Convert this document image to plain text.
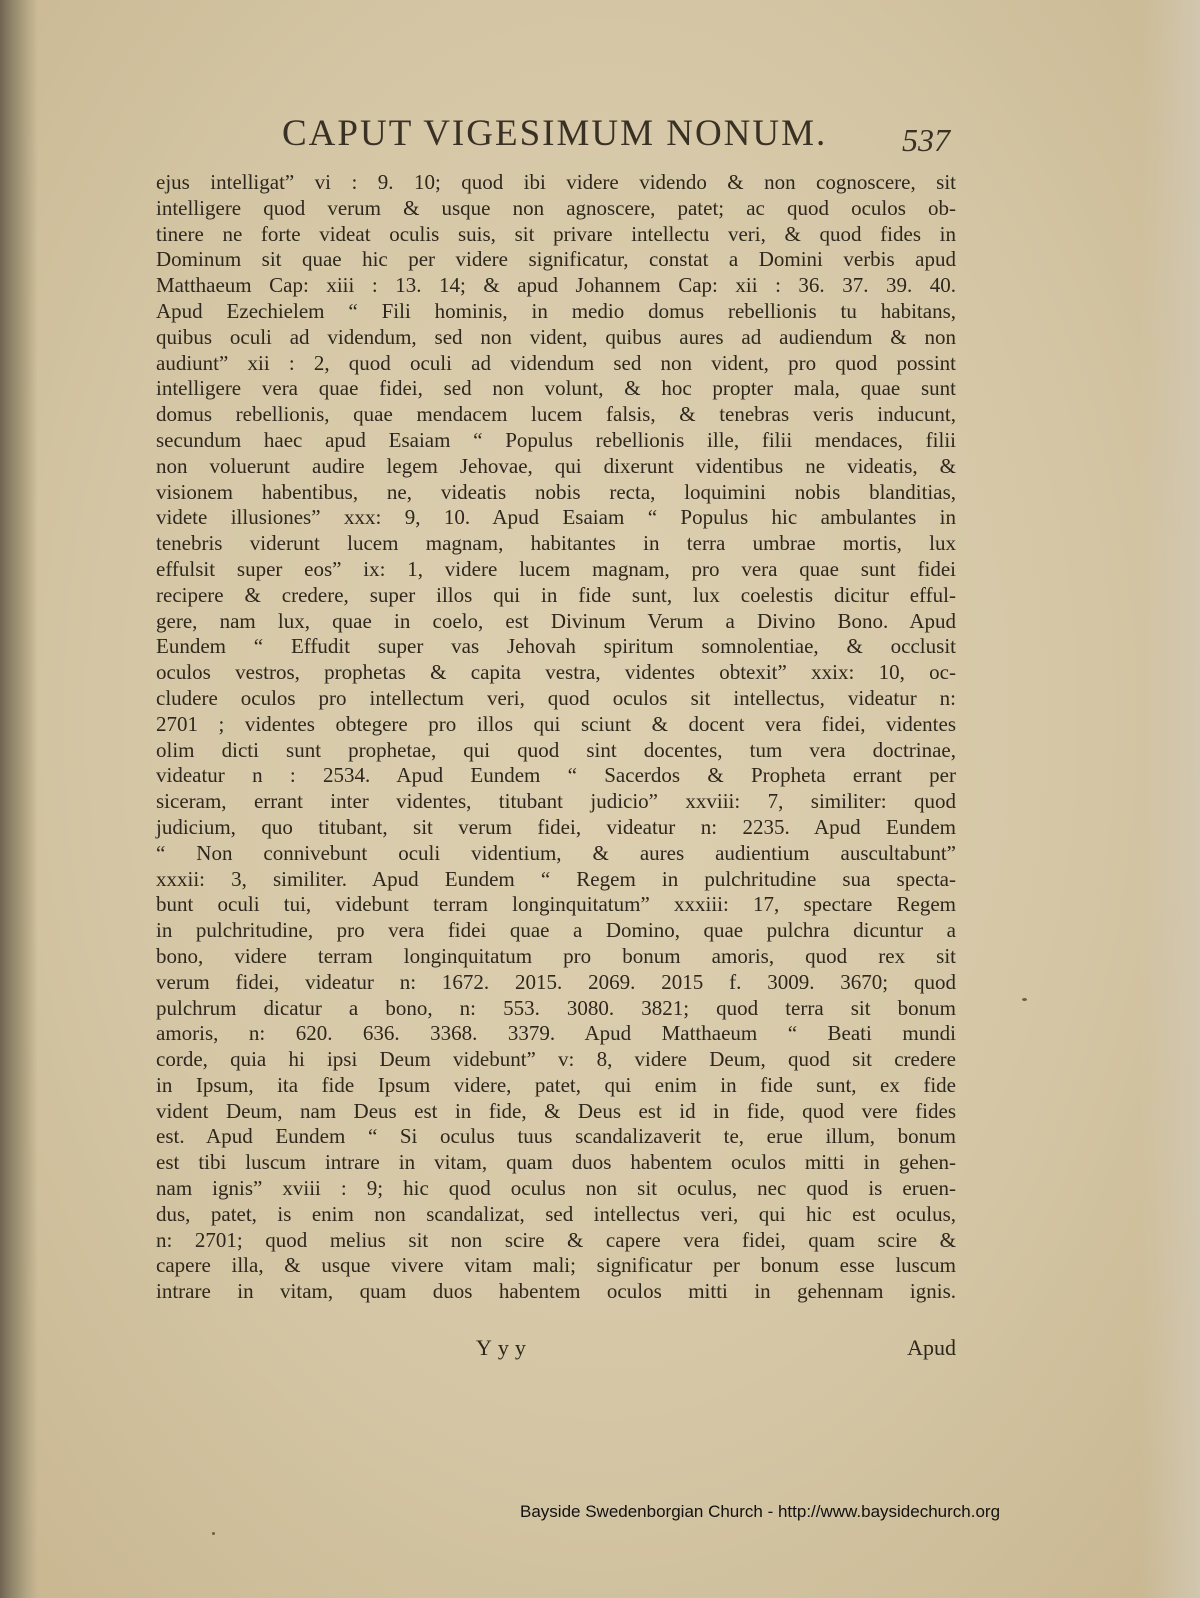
CAPUT VIGESIMUM NONUM. 537
ejus intelligat” vi : 9. 10; quod ibi videre videndo & non cognoscere, sit
intelligere quod verum & usque non agnoscere, patet; ac quod oculos ob-
tinere ne forte videat oculis suis, sit privare intellectu veri, & quod fides in
Dominum sit quae hic per videre significatur, constat a Domini verbis apud
Matthaeum Cap: xiii : 13. 14; & apud Johannem Cap: xii : 36. 37. 39. 40.
Apud Ezechielem “ Fili hominis, in medio domus rebellionis tu habitans,
quibus oculi ad videndum, sed non vident, quibus aures ad audiendum & non
audiunt” xii : 2, quod oculi ad videndum sed non vident, pro quod possint
intelligere vera quae fidei, sed non volunt, & hoc propter mala, quae sunt
domus rebellionis, quae mendacem lucem falsis, & tenebras veris inducunt,
secundum haec apud Esaiam “ Populus rebellionis ille, filii mendaces, filii
non voluerunt audire legem Jehovae, qui dixerunt videntibus ne videatis, &
visionem habentibus, ne, videatis nobis recta, loquimini nobis blanditias,
videte illusiones” xxx: 9, 10. Apud Esaiam “ Populus hic ambulantes in
tenebris viderunt lucem magnam, habitantes in terra umbrae mortis, lux
effulsit super eos” ix: 1, videre lucem magnam, pro vera quae sunt fidei
recipere & credere, super illos qui in fide sunt, lux coelestis dicitur efful-
gere, nam lux, quae in coelo, est Divinum Verum a Divino Bono. Apud
Eundem “ Effudit super vas Jehovah spiritum somnolentiae, & occlusit
oculos vestros, prophetas & capita vestra, videntes obtexit” xxix: 10, oc-
cludere oculos pro intellectum veri, quod oculos sit intellectus, videatur n:
2701 ; videntes obtegere pro illos qui sciunt & docent vera fidei, videntes
olim dicti sunt prophetae, qui quod sint docentes, tum vera doctrinae,
videatur n : 2534. Apud Eundem “ Sacerdos & Propheta errant per
siceram, errant inter videntes, titubant judicio” xxviii: 7, similiter: quod
judicium, quo titubant, sit verum fidei, videatur n: 2235. Apud Eundem
“ Non connivebunt oculi videntium, & aures audientium auscultabunt”
xxxii: 3, similiter. Apud Eundem “ Regem in pulchritudine sua specta-
bunt oculi tui, videbunt terram longinquitatum” xxxiii: 17, spectare Regem
in pulchritudine, pro vera fidei quae a Domino, quae pulchra dicuntur a
bono, videre terram longinquitatum pro bonum amoris, quod rex sit
verum fidei, videatur n: 1672. 2015. 2069. 2015 f. 3009. 3670; quod
pulchrum dicatur a bono, n: 553. 3080. 3821; quod terra sit bonum
amoris, n: 620. 636. 3368. 3379. Apud Matthaeum “ Beati mundi
corde, quia hi ipsi Deum videbunt” v: 8, videre Deum, quod sit credere
in Ipsum, ita fide Ipsum videre, patet, qui enim in fide sunt, ex fide
vident Deum, nam Deus est in fide, & Deus est id in fide, quod vere fides
est. Apud Eundem “ Si oculus tuus scandalizaverit te, erue illum, bonum
est tibi luscum intrare in vitam, quam duos habentem oculos mitti in gehen-
nam ignis” xviii : 9; hic quod oculus non sit oculus, nec quod is eruen-
dus, patet, is enim non scandalizat, sed intellectus veri, qui hic est oculus,
n: 2701; quod melius sit non scire & capere vera fidei, quam scire &
capere illa, & usque vivere vitam mali; significatur per bonum esse luscum
intrare in vitam, quam duos habentem oculos mitti in gehennam ignis.
Yyy	Apud
Bayside Swedenborgian Church - http://www.baysidechurch.org
